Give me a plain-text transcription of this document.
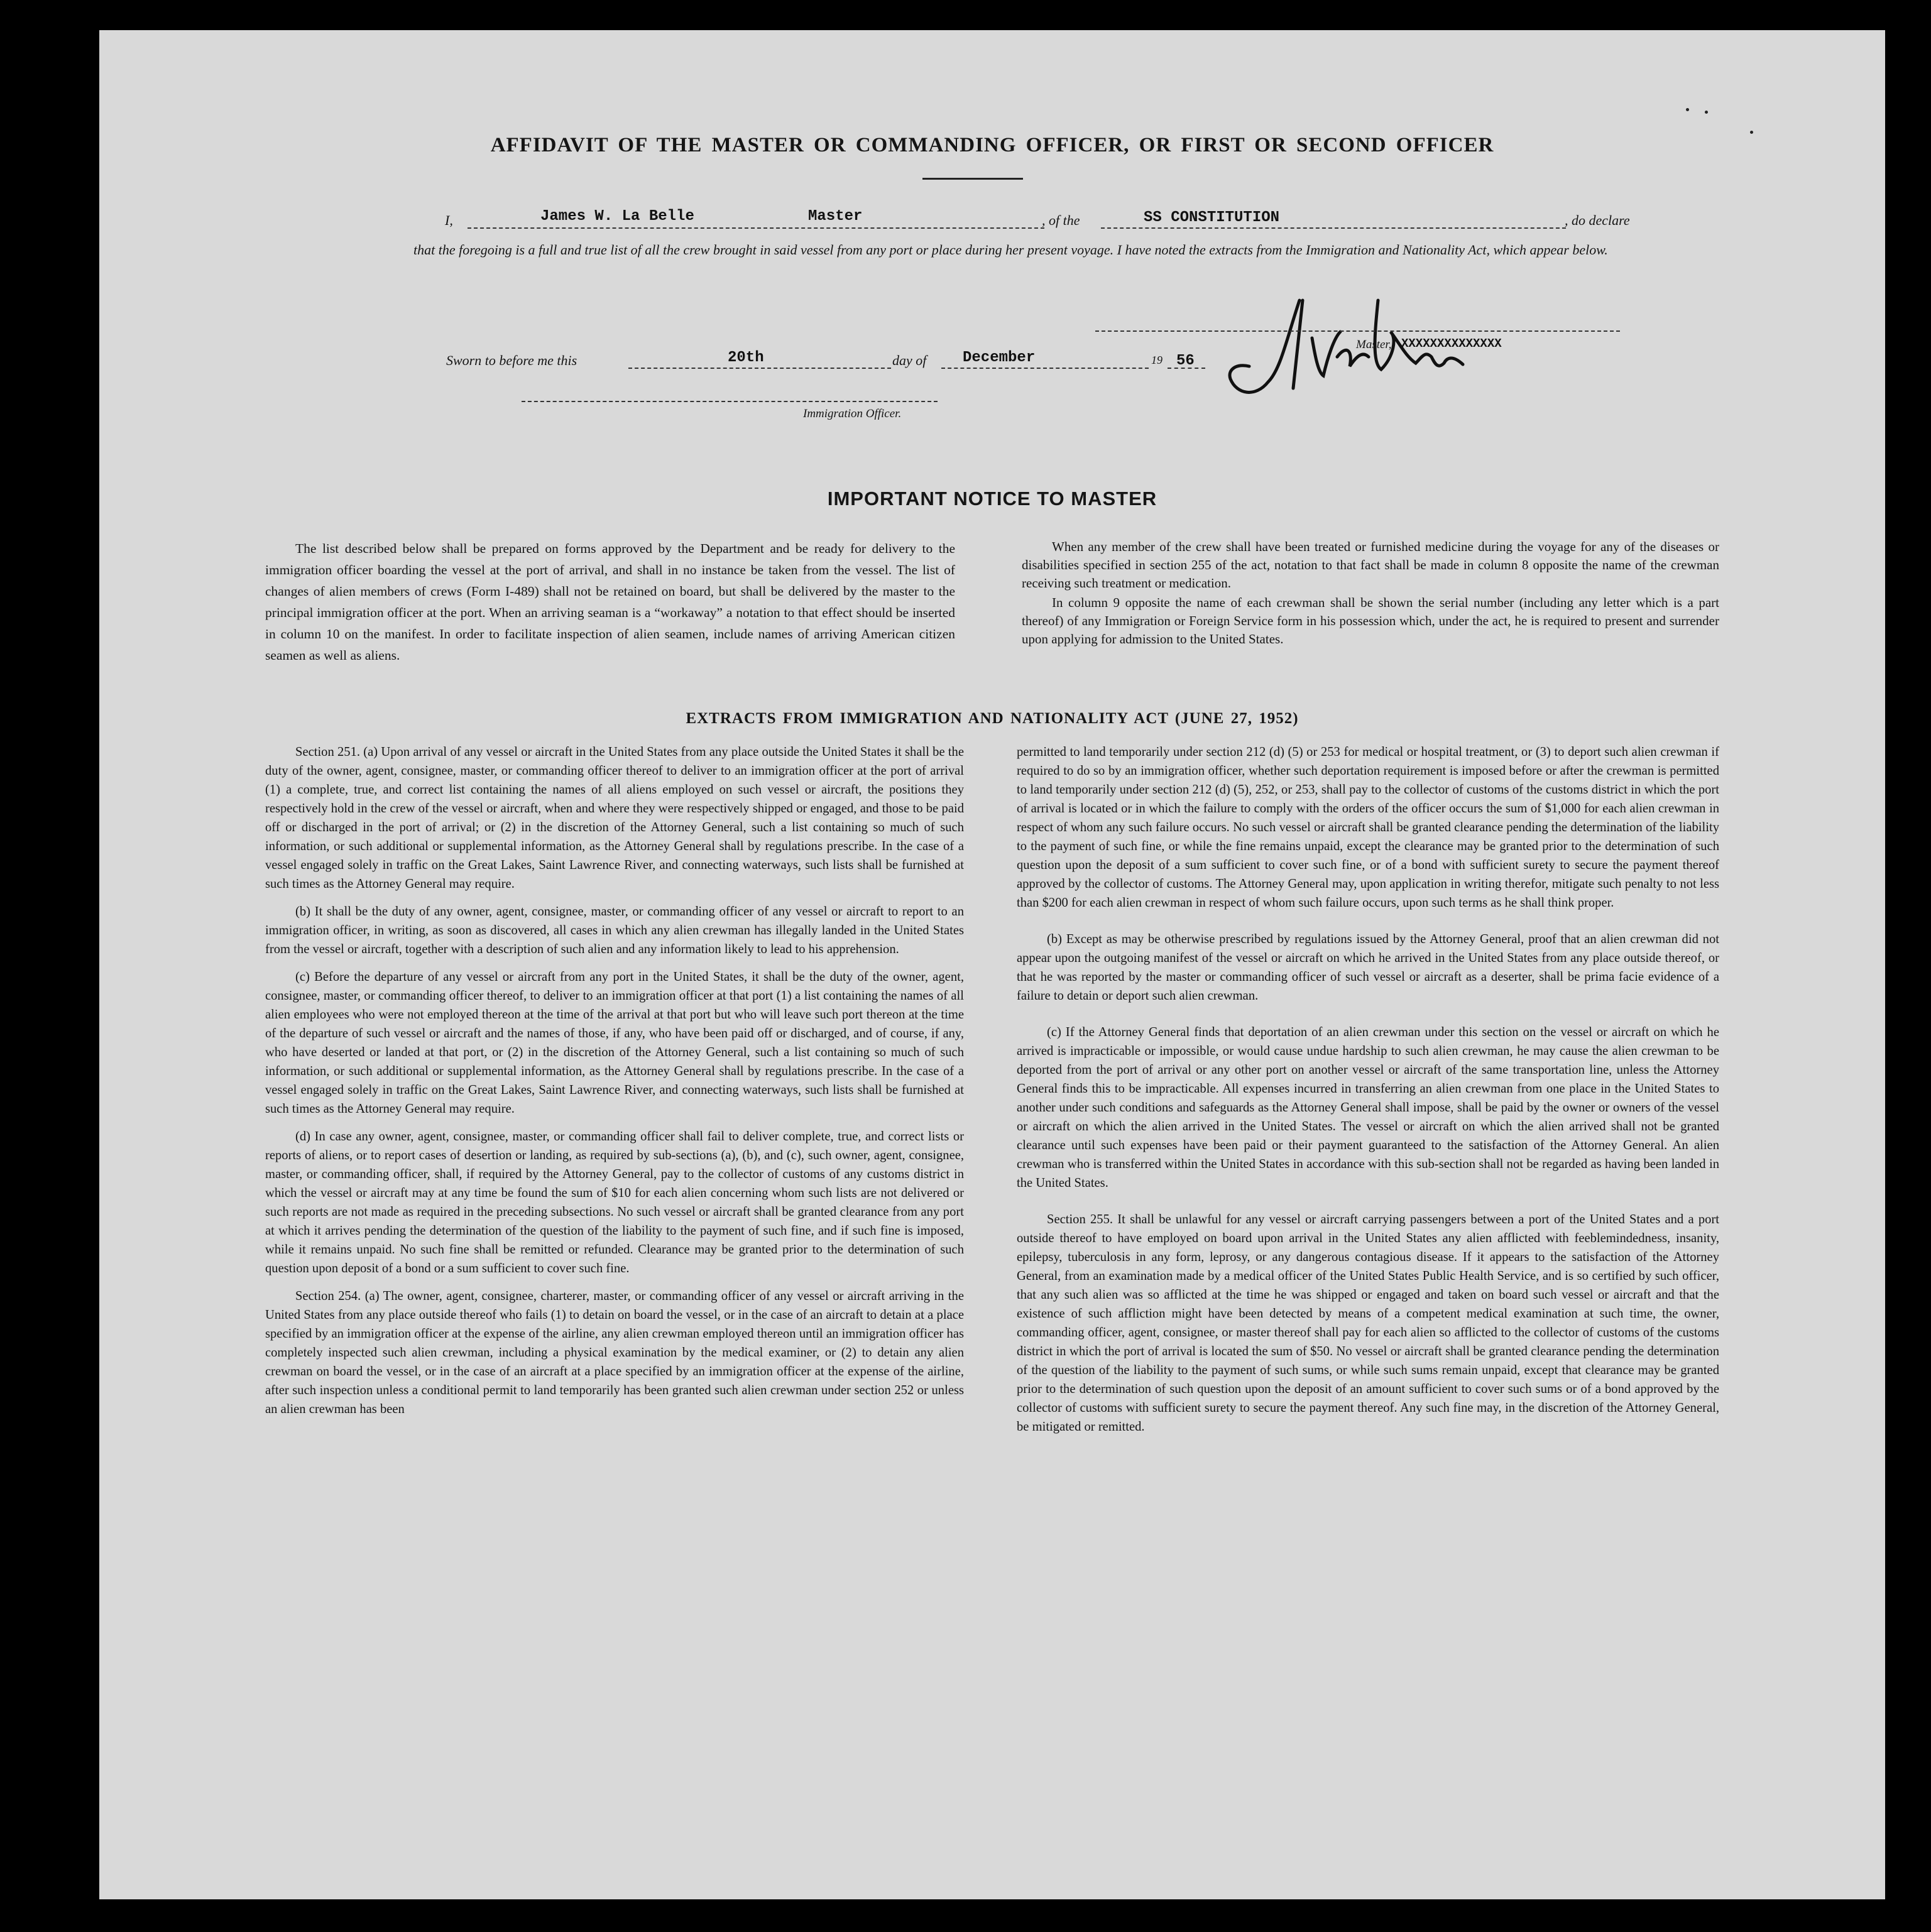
AFFIDAVIT OF THE MASTER OR COMMANDING OFFICER, OR FIRST OR SECOND OFFICER
I,	James W. La Belle	Master	, of the	SS CONSTITUTION	, do declare
that the foregoing is a full and true list of all the crew brought in said vessel from any port or place during her present voyage. I have noted the extracts from the Immigration and Nationality Act, which appear below.
Master, XXXXXXXXXXXXXX
Sworn to before me this	20th	day of December	19 56
Immigration Officer.
IMPORTANT NOTICE TO MASTER

The list described below shall be prepared on forms approved by the Department and be ready for delivery to the immigration officer boarding the vessel at the port of arrival, and shall in no instance be taken from the vessel. The list of changes of alien members of crews (Form I-489) shall not be retained on board, but shall be delivered by the master to the principal immigration officer at the port. When an arriving seaman is a “workaway” a notation to that effect should be inserted in column 10 on the manifest. In order to facilitate inspection of alien seamen, include names of arriving American citizen seamen as well as aliens.

When any member of the crew shall have been treated or furnished medicine during the voyage for any of the diseases or disabilities specified in section 255 of the act, notation to that fact shall be made in column 8 opposite the name of the crewman receiving such treatment or medication.

In column 9 opposite the name of each crewman shall be shown the serial number (including any letter which is a part thereof) of any Immigration or Foreign Service form in his possession which, under the act, he is required to present and surrender upon applying for admission to the United States.

EXTRACTS FROM IMMIGRATION AND NATIONALITY ACT (JUNE 27, 1952)

Section 251. (a) Upon arrival of any vessel or aircraft in the United States from any place outside the United States it shall be the duty of the owner, agent, consignee, master, or commanding officer thereof to deliver to an immigration officer at the port of arrival (1) a complete, true, and correct list containing the names of all aliens employed on such vessel or aircraft, the positions they respectively hold in the crew of the vessel or aircraft, when and where they were respectively shipped or engaged, and those to be paid off or discharged in the port of arrival; or (2) in the discretion of the Attorney General, such a list containing so much of such information, or such additional or supplemental information, as the Attorney General shall by regulations prescribe. In the case of a vessel engaged solely in traffic on the Great Lakes, Saint Lawrence River, and connecting waterways, such lists shall be furnished at such times as the Attorney General may require.

(b) It shall be the duty of any owner, agent, consignee, master, or commanding officer of any vessel or aircraft to report to an immigration officer, in writing, as soon as discovered, all cases in which any alien crewman has illegally landed in the United States from the vessel or aircraft, together with a description of such alien and any information likely to lead to his apprehension.

(c) Before the departure of any vessel or aircraft from any port in the United States, it shall be the duty of the owner, agent, consignee, master, or commanding officer thereof, to deliver to an immigration officer at that port (1) a list containing the names of all alien employees who were not employed thereon at the time of the arrival at that port but who will leave such port thereon at the time of the departure of such vessel or aircraft and the names of those, if any, who have been paid off or discharged, and of course, if any, who have deserted or landed at that port, or (2) in the discretion of the Attorney General, such a list containing so much of such information, or such additional or supplemental information, as the Attorney General shall by regulations prescribe. In the case of a vessel engaged solely in traffic on the Great Lakes, Saint Lawrence River, and connecting waterways, such lists shall be furnished at such times as the Attorney General may require.

(d) In case any owner, agent, consignee, master, or commanding officer shall fail to deliver complete, true, and correct lists or reports of aliens, or to report cases of desertion or landing, as required by sub-sections (a), (b), and (c), such owner, agent, consignee, master, or commanding officer, shall, if required by the Attorney General, pay to the collector of customs of any customs district in which the vessel or aircraft may at any time be found the sum of $10 for each alien concerning whom such lists are not delivered or such reports are not made as required in the preceding subsections. No such vessel or aircraft shall be granted clearance from any port at which it arrives pending the determination of the question of the liability to the payment of such fine, and if such fine is imposed, while it remains unpaid. No such fine shall be remitted or refunded. Clearance may be granted prior to the determination of such question upon deposit of a bond or a sum sufficient to cover such fine.

Section 254. (a) The owner, agent, consignee, charterer, master, or commanding officer of any vessel or aircraft arriving in the United States from any place outside thereof who fails (1) to detain on board the vessel, or in the case of an aircraft to detain at a place specified by an immigration officer at the expense of the airline, any alien crewman employed thereon until an immigration officer has completely inspected such alien crewman, including a physical examination by the medical examiner, or (2) to detain any alien crewman on board the vessel, or in the case of an aircraft at a place specified by an immigration officer at the expense of the airline, after such inspection unless a conditional permit to land temporarily has been granted such alien crewman under section 252 or unless an alien crewman has been

permitted to land temporarily under section 212 (d) (5) or 253 for medical or hospital treatment, or (3) to deport such alien crewman if required to do so by an immigration officer, whether such deportation requirement is imposed before or after the crewman is permitted to land temporarily under section 212 (d) (5), 252, or 253, shall pay to the collector of customs of the customs district in which the port of arrival is located or in which the failure to comply with the orders of the officer occurs the sum of $1,000 for each alien crewman in respect of whom any such failure occurs. No such vessel or aircraft shall be granted clearance pending the determination of the liability to the payment of such fine, or while the fine remains unpaid, except the clearance may be granted prior to the determination of such question upon the deposit of a sum sufficient to cover such fine, or of a bond with sufficient surety to secure the payment thereof approved by the collector of customs. The Attorney General may, upon application in writing therefor, mitigate such penalty to not less than $200 for each alien crewman in respect of whom such failure occurs, upon such terms as he shall think proper.

(b) Except as may be otherwise prescribed by regulations issued by the Attorney General, proof that an alien crewman did not appear upon the outgoing manifest of the vessel or aircraft on which he arrived in the United States from any place outside thereof, or that he was reported by the master or commanding officer of such vessel or aircraft as a deserter, shall be prima facie evidence of a failure to detain or deport such alien crewman.

(c) If the Attorney General finds that deportation of an alien crewman under this section on the vessel or aircraft on which he arrived is impracticable or impossible, or would cause undue hardship to such alien crewman, he may cause the alien crewman to be deported from the port of arrival or any other port on another vessel or aircraft of the same transportation line, unless the Attorney General finds this to be impracticable. All expenses incurred in transferring an alien crewman from one place in the United States to another under such conditions and safeguards as the Attorney General shall impose, shall be paid by the owner or owners of the vessel or aircraft on which the alien arrived in the United States. The vessel or aircraft on which the alien arrived shall not be granted clearance until such expenses have been paid or their payment guaranteed to the satisfaction of the Attorney General. An alien crewman who is transferred within the United States in accordance with this sub-section shall not be regarded as having been landed in the United States.

Section 255. It shall be unlawful for any vessel or aircraft carrying passengers between a port of the United States and a port outside thereof to have employed on board upon arrival in the United States any alien afflicted with feeblemindedness, insanity, epilepsy, tuberculosis in any form, leprosy, or any dangerous contagious disease. If it appears to the satisfaction of the Attorney General, from an examination made by a medical officer of the United States Public Health Service, and is so certified by such officer, that any such alien was so afflicted at the time he was shipped or engaged and taken on board such vessel or aircraft and that the existence of such affliction might have been detected by means of a competent medical examination at such time, the owner, commanding officer, agent, consignee, or master thereof shall pay for each alien so afflicted to the collector of customs of the customs district in which the port of arrival is located the sum of $50. No vessel or aircraft shall be granted clearance pending the determination of the question of the liability to the payment of such sums, or while such sums remain unpaid, except that clearance may be granted prior to the determination of such question upon the deposit of an amount sufficient to cover such sums or of a bond approved by the collector of customs with sufficient surety to secure the payment thereof. Any such fine may, in the discretion of the Attorney General, be mitigated or remitted.
